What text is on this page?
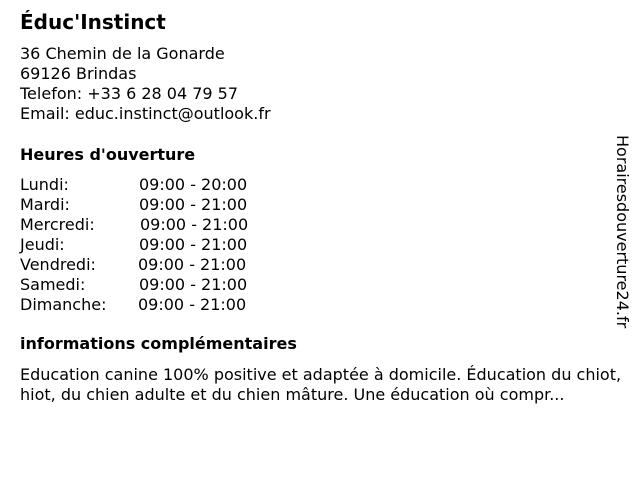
Éduc'Instinct
36 Chemin de la Gonarde
69126 Brindas
Telefon: +33 6 28 04 79 57
Email: educ.instinct@outlook.fr
Heures d'ouverture
Lundi:	09:00 - 20:00
Mardi:	09:00 - 21:00
Mercredi:	09:00 - 21:00
Jeudi:	09:00 - 21:00
Vendredi:	09:00 - 21:00
Samedi:	09:00 - 21:00
Dimanche: 09:00 - 21:00
informations complémentaires
Education canine 100% positive et adaptée à domicile. Éducation du chiot,
hiot, du chien adulte et du chien mâture. Une éducation où compr...
Horairesdouverture24.fr
